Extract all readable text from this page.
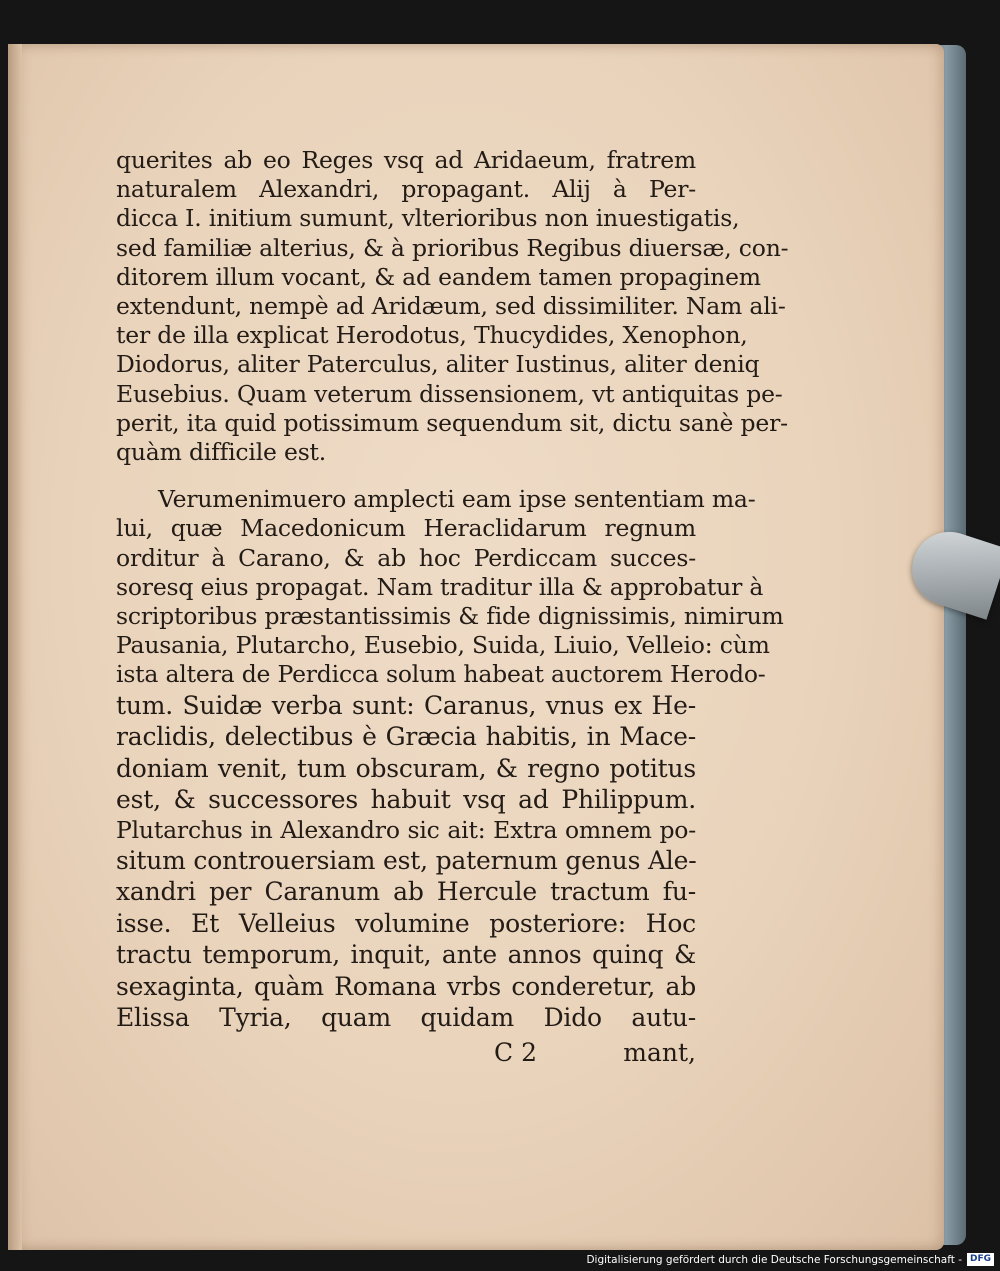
querites ab eo Reges vsq ad Aridaeum, fratrem
naturalem Alexandri, propagant. Alij à Per-
dicca I. initium sumunt, vlterioribus non inuestigatis,
sed familiæ alterius, & à prioribus Regibus diuersæ, con-
ditorem illum vocant, & ad eandem tamen propaginem
extendunt, nempè ad Aridæum, sed dissimiliter. Nam ali-
ter de illa explicat Herodotus, Thucydides, Xenophon,
Diodorus, aliter Paterculus, aliter Iustinus, aliter deniq
Eusebius. Quam veterum dissensionem, vt antiquitas pe-
perit, ita quid potissimum sequendum sit, dictu sanè per-
quàm difficile est.
Verumenimuero amplecti eam ipse sententiam ma-
lui, quæ Macedonicum Heraclidarum regnum
orditur à Carano, & ab hoc Perdiccam succes-
soresq eius propagat. Nam traditur illa & approbatur à
scriptoribus præstantissimis & fide dignissimis, nimirum
Pausania, Plutarcho, Eusebio, Suida, Liuio, Velleio: cùm
ista altera de Perdicca solum habeat auctorem Herodo-
tum. Suidæ verba sunt: Caranus, vnus ex He-
raclidis, delectibus è Græcia habitis, in Mace-
doniam venit, tum obscuram, & regno potitus
est, & successores habuit vsq ad Philippum.
Plutarchus in Alexandro sic ait: Extra omnem po-
situm controuersiam est, paternum genus Ale-
xandri per Caranum ab Hercule tractum fu-
isse. Et Velleius volumine posteriore: Hoc
tractu temporum, inquit, ante annos quinq &
sexaginta, quàm Romana vrbs conderetur, ab
Elissa Tyria, quam quidam Dido autu-
C 2	mant,
Digitalisierung gefördert durch die Deutsche Forschungsgemeinschaft - DFG
